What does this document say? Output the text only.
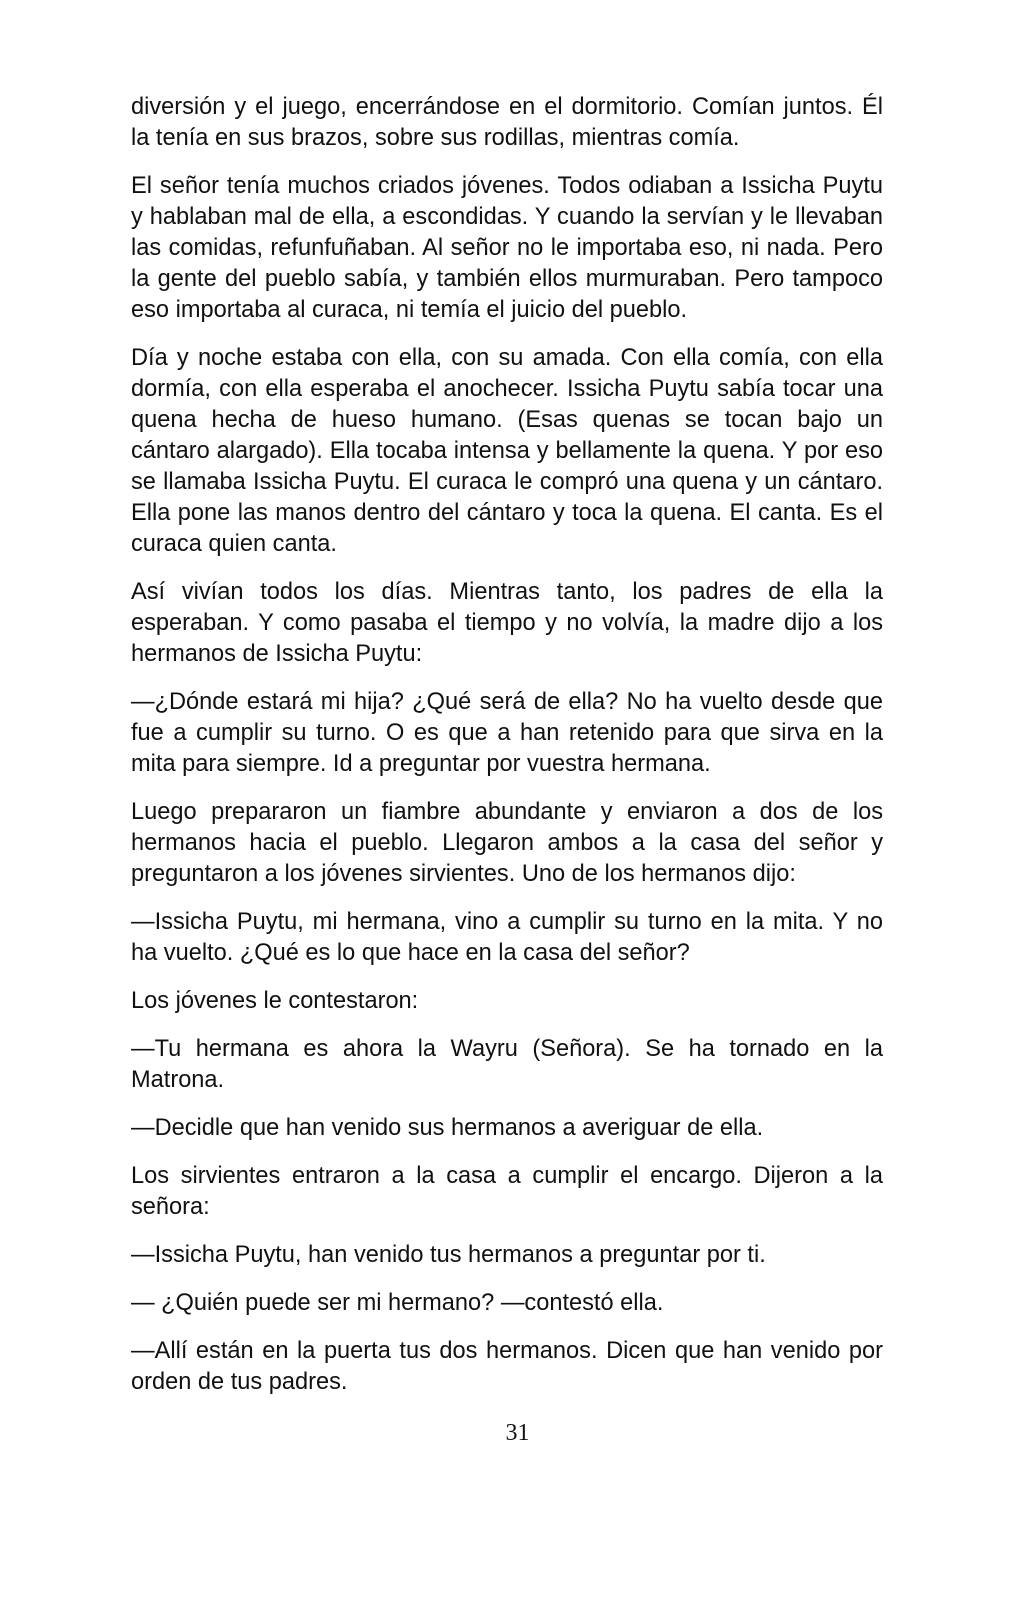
diversión y el juego, encerrándose en el dormitorio. Comían juntos. Él la tenía en sus brazos, sobre sus rodillas, mientras comía.

El señor tenía muchos criados jóvenes. Todos odiaban a Issicha Puytu y hablaban mal de ella, a escondidas. Y cuando la servían y le llevaban las comidas, refunfuñaban. Al señor no le importaba eso, ni nada. Pero la gente del pueblo sabía, y también ellos murmuraban. Pero tampoco eso importaba al curaca, ni temía el juicio del pueblo.

Día y noche estaba con ella, con su amada. Con ella comía, con ella dormía, con ella esperaba el anochecer. Issicha Puytu sabía tocar una quena hecha de hueso humano. (Esas quenas se tocan bajo un cántaro alargado). Ella tocaba intensa y bellamente la quena. Y por eso se llamaba Issicha Puytu. El curaca le compró una quena y un cántaro. Ella pone las manos dentro del cántaro y toca la quena. El canta. Es el curaca quien canta.

Así vivían todos los días. Mientras tanto, los padres de ella la esperaban. Y como pasaba el tiempo y no volvía, la madre dijo a los hermanos de Issicha Puytu:

—¿Dónde estará mi hija? ¿Qué será de ella? No ha vuelto desde que fue a cumplir su turno. O es que a han retenido para que sirva en la mita para siempre. Id a preguntar por vuestra hermana.

Luego prepararon un fiambre abundante y enviaron a dos de los hermanos hacia el pueblo. Llegaron ambos a la casa del señor y preguntaron a los jóvenes sirvientes. Uno de los hermanos dijo:

—Issicha Puytu, mi hermana, vino a cumplir su turno en la mita. Y no ha vuelto. ¿Qué es lo que hace en la casa del señor?

Los jóvenes le contestaron:

—Tu hermana es ahora la Wayru (Señora). Se ha tornado en la Matrona.

—Decidle que han venido sus hermanos a averiguar de ella.

Los sirvientes entraron a la casa a cumplir el encargo. Dijeron a la señora:

—Issicha Puytu, han venido tus hermanos a preguntar por ti.

— ¿Quién puede ser mi hermano? —contestó ella.

—Allí están en la puerta tus dos hermanos. Dicen que han venido por orden de tus padres.

31
